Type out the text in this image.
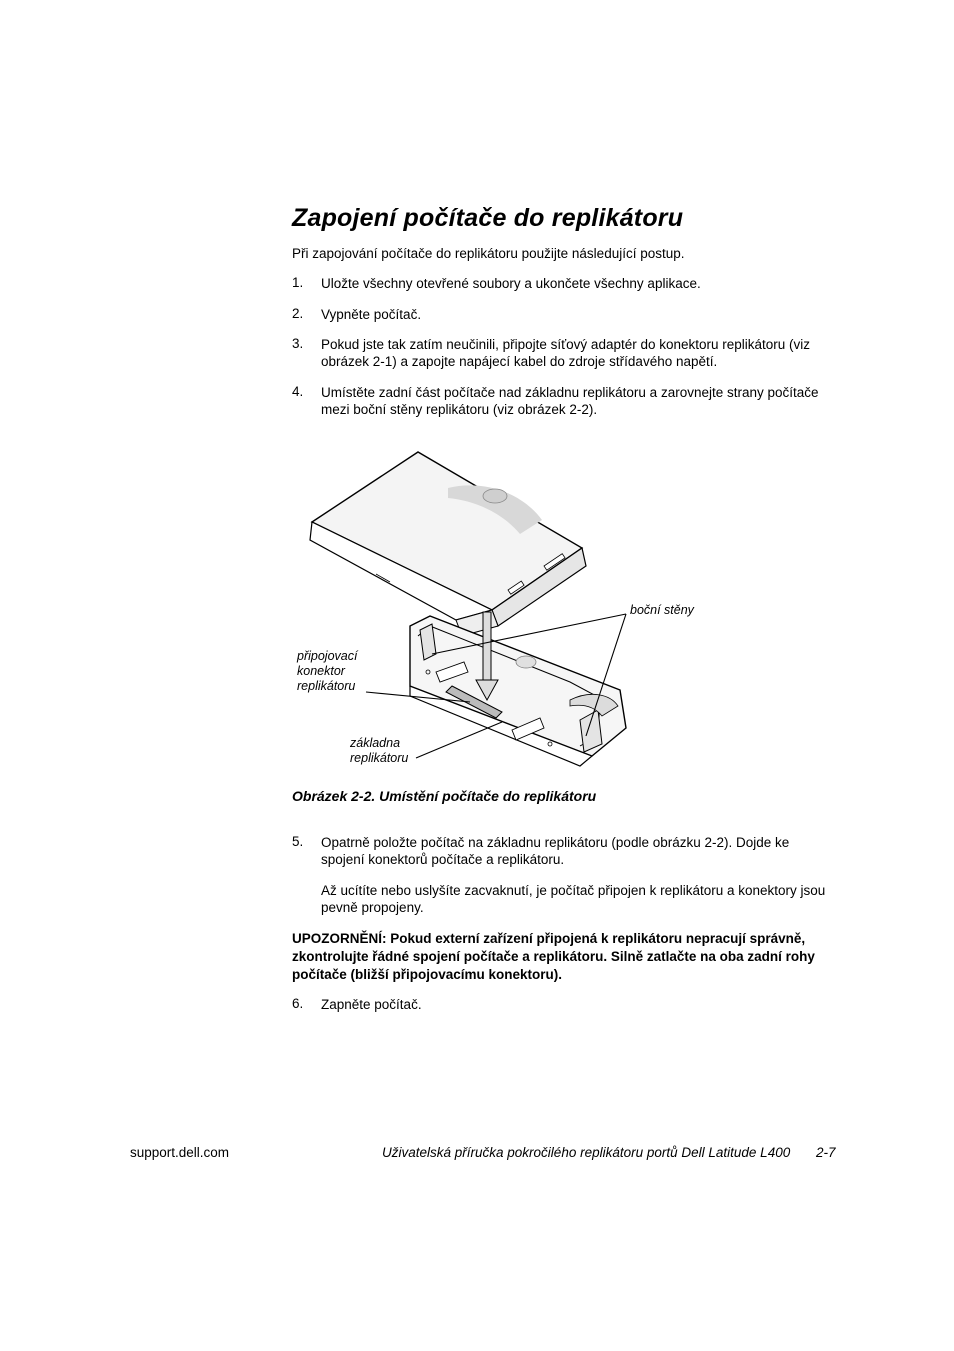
Zapojení počítače do replikátoru
Při zapojování počítače do replikátoru použijte následující postup.
1. Uložte všechny otevřené soubory a ukončete všechny aplikace.
2. Vypněte počítač.
3. Pokud jste tak zatím neučinili, připojte síťový adaptér do konektoru replikátoru (viz obrázek 2-1) a zapojte napájecí kabel do zdroje střídavého napětí.
4. Umístěte zadní část počítače nad základnu replikátoru a zarovnejte strany počítače mezi boční stěny replikátoru (viz obrázek 2-2).
boční stěny
připojovací konektor replikátoru
základna replikátoru
Obrázek 2-2. Umístění počítače do replikátoru
5. Opatrně položte počítač na základnu replikátoru (podle obrázku 2-2). Dojde ke spojení konektorů počítače a replikátoru.
Až ucítíte nebo uslyšíte zacvaknutí, je počítač připojen k replikátoru a konektory jsou pevně propojeny.
UPOZORNĚNÍ: Pokud externí zařízení připojená k replikátoru nepracují správně, zkontrolujte řádné spojení počítače a replikátoru. Silně zatlačte na oba zadní rohy počítače (bližší připojovacímu konektoru).
6. Zapněte počítač.
support.dell.com	Uživatelská příručka pokročilého replikátoru portů Dell Latitude L400 2-7
